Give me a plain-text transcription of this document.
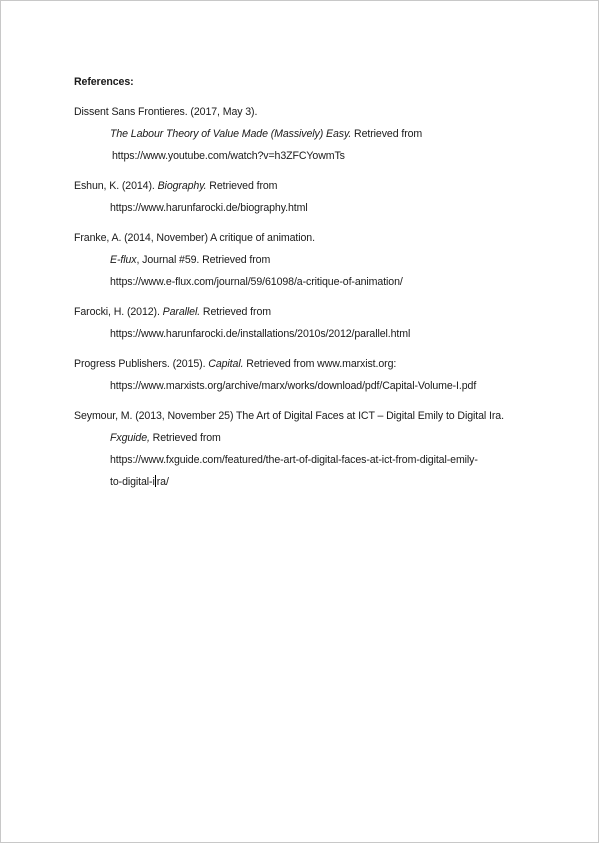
References:
Dissent Sans Frontieres. (2017, May 3).
The Labour Theory of Value Made (Massively) Easy. Retrieved from
https://www.youtube.com/watch?v=h3ZFCYowmTs
Eshun, K. (2014). Biography. Retrieved from
https://www.harunfarocki.de/biography.html
Franke, A. (2014, November) A critique of animation.
E-flux, Journal #59. Retrieved from
https://www.e-flux.com/journal/59/61098/a-critique-of-animation/
Farocki, H. (2012). Parallel. Retrieved from
https://www.harunfarocki.de/installations/2010s/2012/parallel.html
Progress Publishers. (2015). Capital. Retrieved from www.marxist.org:
https://www.marxists.org/archive/marx/works/download/pdf/Capital-Volume-I.pdf
Seymour, M. (2013, November 25) The Art of Digital Faces at ICT – Digital Emily to Digital Ira.
Fxguide, Retrieved from
https://www.fxguide.com/featured/the-art-of-digital-faces-at-ict-from-digital-emily-
to-digital-i ra/
